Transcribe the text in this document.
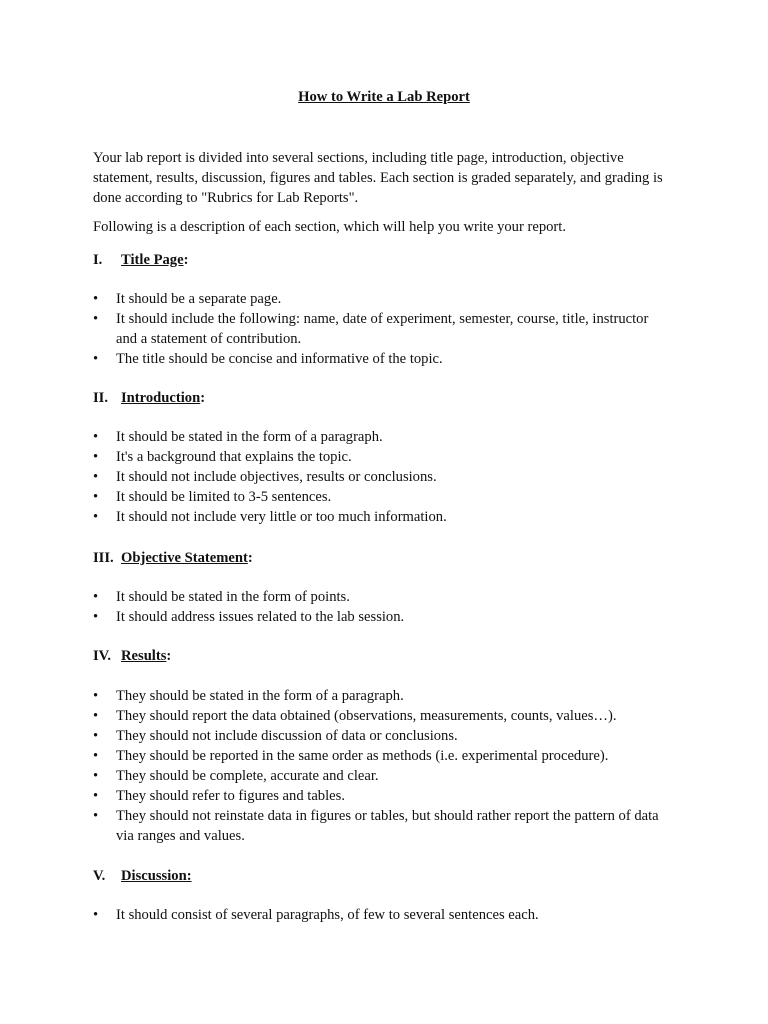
How to Write a Lab Report

Your lab report is divided into several sections, including title page, introduction, objective statement, results, discussion, figures and tables. Each section is graded separately, and grading is done according to "Rubrics for Lab Reports".

Following is a description of each section, which will help you write your report.

I. Title Page:
• It should be a separate page.
• It should include the following: name, date of experiment, semester, course, title, instructor and a statement of contribution.
• The title should be concise and informative of the topic.
II. Introduction:
• It should be stated in the form of a paragraph.
• It's a background that explains the topic.
• It should not include objectives, results or conclusions.
• It should be limited to 3-5 sentences.
• It should not include very little or too much information.
III. Objective Statement:
• It should be stated in the form of points.
• It should address issues related to the lab session.
IV. Results:
• They should be stated in the form of a paragraph.
• They should report the data obtained (observations, measurements, counts, values…).
• They should not include discussion of data or conclusions.
• They should be reported in the same order as methods (i.e. experimental procedure).
• They should be complete, accurate and clear.
• They should refer to figures and tables.
• They should not reinstate data in figures or tables, but should rather report the pattern of data via ranges and values.
V. Discussion:
• It should consist of several paragraphs, of few to several sentences each.
